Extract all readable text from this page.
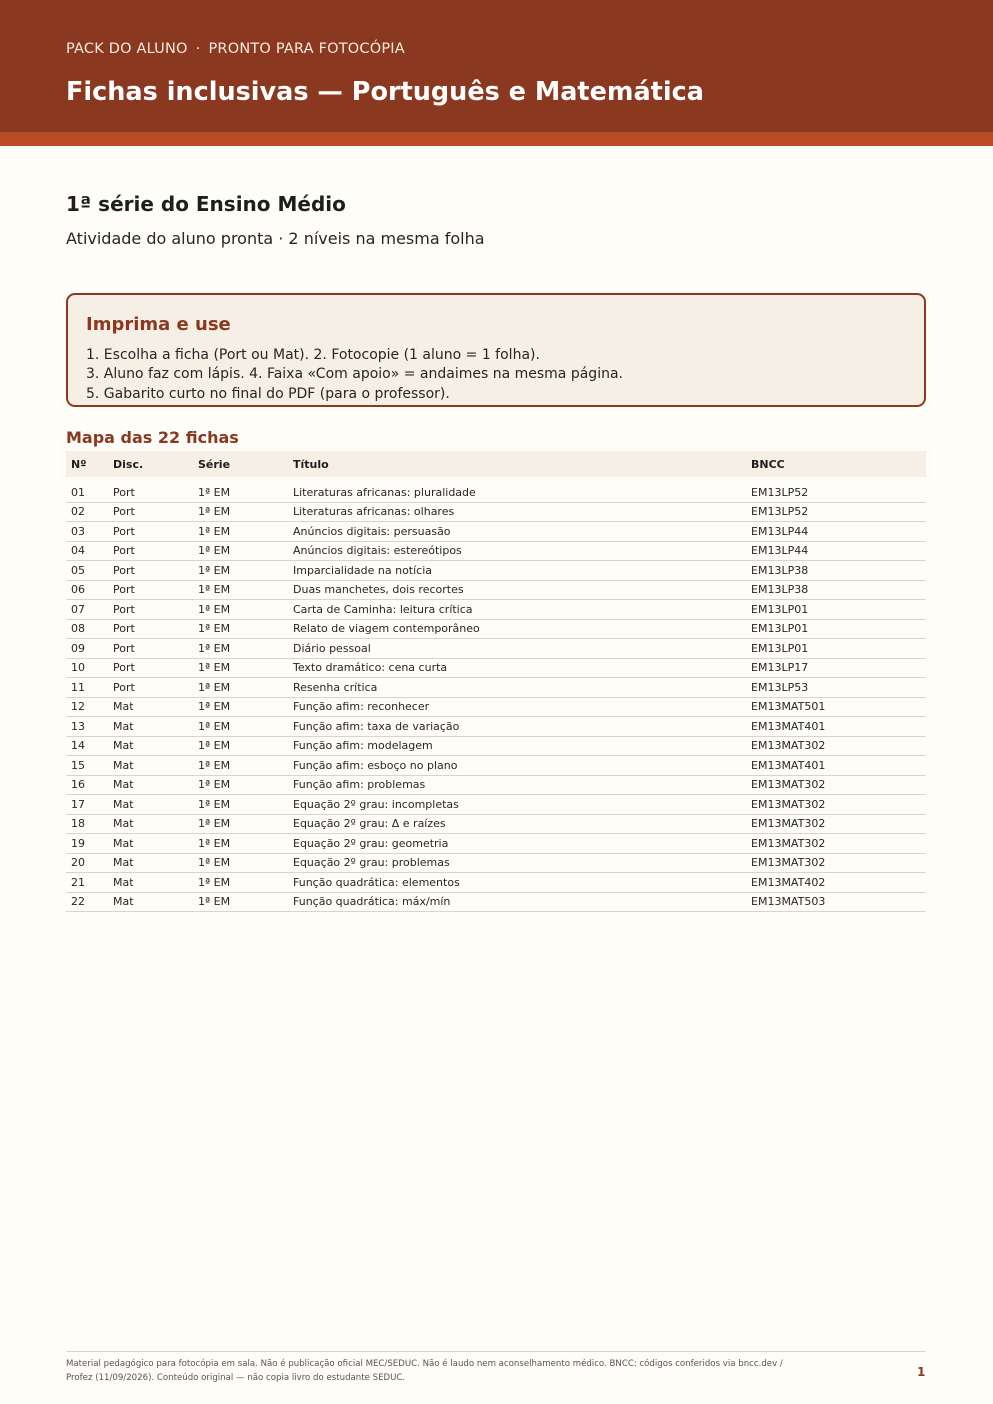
PACK DO ALUNO · PRONTO PARA FOTOCÓPIA
Fichas inclusivas — Português e Matemática
1ª série do Ensino Médio

Atividade do aluno pronta · 2 níveis na mesma folha

Imprima e use
1. Escolha a ficha (Port ou Mat). 2. Fotocopie (1 aluno = 1 folha).
3. Aluno faz com lápis. 4. Faixa «Com apoio» = andaimes na mesma página.
5. Gabarito curto no final do PDF (para o professor).
Mapa das 22 fichas
Nº	Disc.	Série	Título	BNCC

01	Port	1ª EM	Literaturas africanas: pluralidade	EM13LP52
02	Port	1ª EM	Literaturas africanas: olhares	EM13LP52
03	Port	1ª EM	Anúncios digitais: persuasão	EM13LP44
04	Port	1ª EM	Anúncios digitais: estereótipos	EM13LP44
05	Port	1ª EM	Imparcialidade na notícia	EM13LP38
06	Port	1ª EM	Duas manchetes, dois recortes	EM13LP38
07	Port	1ª EM	Carta de Caminha: leitura crítica	EM13LP01
08	Port	1ª EM	Relato de viagem contemporâneo	EM13LP01
09	Port	1ª EM	Diário pessoal	EM13LP01
10	Port	1ª EM	Texto dramático: cena curta	EM13LP17
11	Port	1ª EM	Resenha crítica	EM13LP53
12	Mat	1ª EM	Função afim: reconhecer	EM13MAT501
13	Mat	1ª EM	Função afim: taxa de variação	EM13MAT401
14	Mat	1ª EM	Função afim: modelagem	EM13MAT302
15	Mat	1ª EM	Função afim: esboço no plano	EM13MAT401
16	Mat	1ª EM	Função afim: problemas	EM13MAT302
17	Mat	1ª EM	Equação 2º grau: incompletas	EM13MAT302
18	Mat	1ª EM	Equação 2º grau: Δ e raízes	EM13MAT302
19	Mat	1ª EM	Equação 2º grau: geometria	EM13MAT302
20	Mat	1ª EM	Equação 2º grau: problemas	EM13MAT302
21	Mat	1ª EM	Função quadrática: elementos	EM13MAT402
22	Mat	1ª EM	Função quadrática: máx/mín	EM13MAT503
Material pedagógico para fotocópia em sala. Não é publicação oficial MEC/SEDUC. Não é laudo nem aconselhamento médico. BNCC: códigos conferidos via bncc.dev /
Profez (11/09/2026). Conteúdo original — não copia livro do estudante SEDUC.	1
